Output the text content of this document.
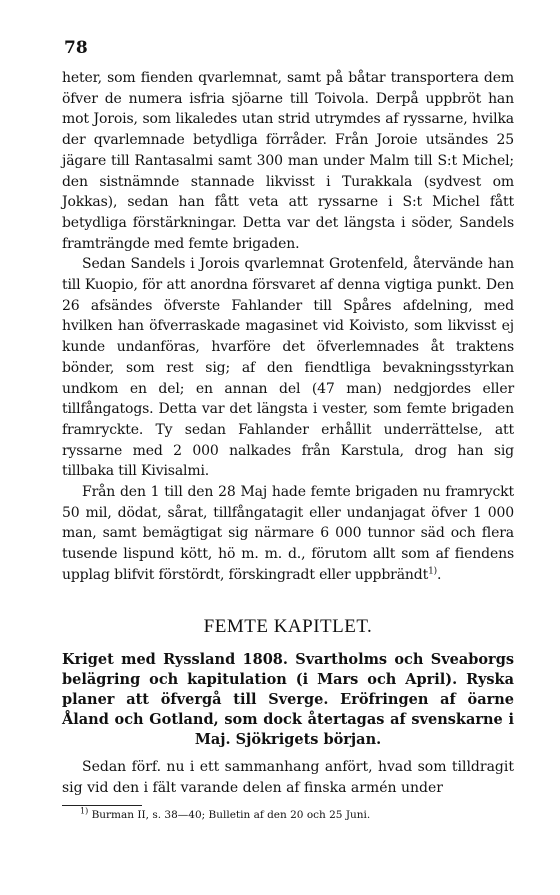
78

heter, som fienden qvarlemnat, samt på båtar transportera dem öfver de numera isfria sjöarne till Toivola. Derpå uppbröt han mot Jorois, som likaledes utan strid utrymdes af ryssarne, hvilka der qvarlemnade betydliga förråder. Från Joroie utsändes 25 jägare till Rantasalmi samt 300 man under Malm till S:t Michel; den sistnämnde stannade likvisst i Turakkala (sydvest om Jokkas), sedan han fått veta att ryssarne i S:t Michel fått betydliga förstärkningar. Detta var det längsta i söder, Sandels framträngde med femte brigaden.

Sedan Sandels i Jorois qvarlemnat Grotenfeld, återvände han till Kuopio, för att anordna försvaret af denna vigtiga punkt. Den 26 afsändes öfverste Fahlander till Spåres afdelning, med hvilken han öfverraskade magasinet vid Koivisto, som likvisst ej kunde undanföras, hvarföre det öfverlemnades åt traktens bönder, som rest sig; af den fiendtliga bevakningsstyrkan undkom en del; en annan del (47 man) nedgjordes eller tillfångatogs. Detta var det längsta i vester, som femte brigaden framryckte. Ty sedan Fahlander erhållit underrättelse, att ryssarne med 2 000 nalkades från Karstula, drog han sig tillbaka till Kivisalmi.

Från den 1 till den 28 Maj hade femte brigaden nu framryckt 50 mil, dödat, sårat, tillfångatagit eller undanjagat öfver 1 000 man, samt bemägtigat sig närmare 6 000 tunnor säd och flera tusende lispund kött, hö m. m. d., förutom allt som af fiendens upplag blifvit förstördt, förskingradt eller uppbrändt$^{1)}$.

FEMTE KAPITLET.
Kriget med Ryssland 1808. Svartholms och Sveaborgs belägring och kapitulation (i Mars och April). Ryska planer att öfvergå till Sverge. Eröfringen af öarne Åland och Gotland, som dock återtagas af svenskarne i Maj. Sjökrigets början.
Sedan förf. nu i ett sammanhang anfört, hvad som tilldragit sig vid den i fält varande delen af finska armén under
$^{1)}$ Burman II, s. 38—40; Bulletin af den 20 och 25 Juni.
